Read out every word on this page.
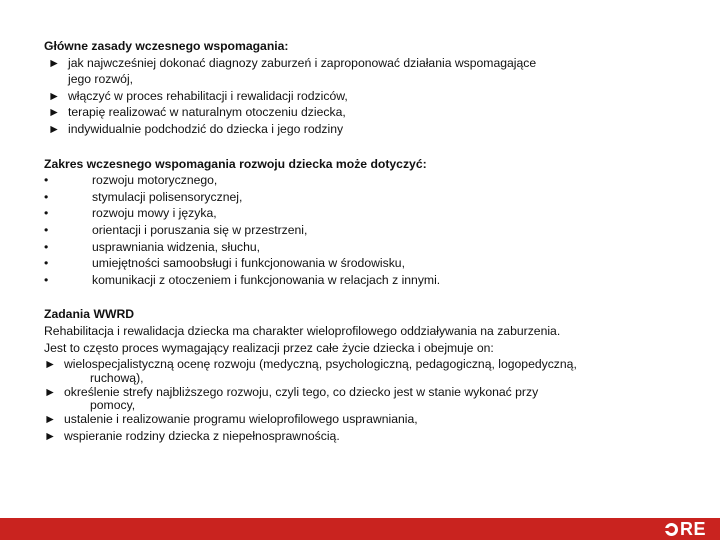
Główne zasady wczesnego wspomagania:
► jak najwcześniej dokonać diagnozy zaburzeń i zaproponować działania wspomagające
jego rozwój,
► włączyć w proces rehabilitacji i rewalidacji rodziców,
► terapię realizować w naturalnym otoczeniu dziecka,
► indywidualnie podchodzić do dziecka i jego rodziny
Zakres wczesnego wspomagania rozwoju dziecka może dotyczyć:
•	rozwoju motorycznego,
•	stymulacji polisensorycznej,
•	rozwoju mowy i języka,
•	orientacji i poruszania się w przestrzeni,
•	usprawniania widzenia, słuchu,
•	umiejętności samoobsługi i funkcjonowania w środowisku,
•	komunikacji z otoczeniem i funkcjonowania w relacjach z innymi.
Zadania WWRD
Rehabilitacja i rewalidacja dziecka ma charakter wieloprofilowego oddziaływania na zaburzenia.
Jest to często proces wymagający realizacji przez całe życie dziecka i obejmuje on:
► wielospecjalistyczną ocenę rozwoju (medyczną, psychologiczną, pedagogiczną, logopedyczną,
ruchową),
► określenie strefy najbliższego rozwoju, czyli tego, co dziecko jest w stanie wykonać przy
pomocy,
► ustalenie i realizowanie programu wieloprofilowego usprawniania,
► wspieranie rodziny dziecka z niepełnosprawnością.
RE
